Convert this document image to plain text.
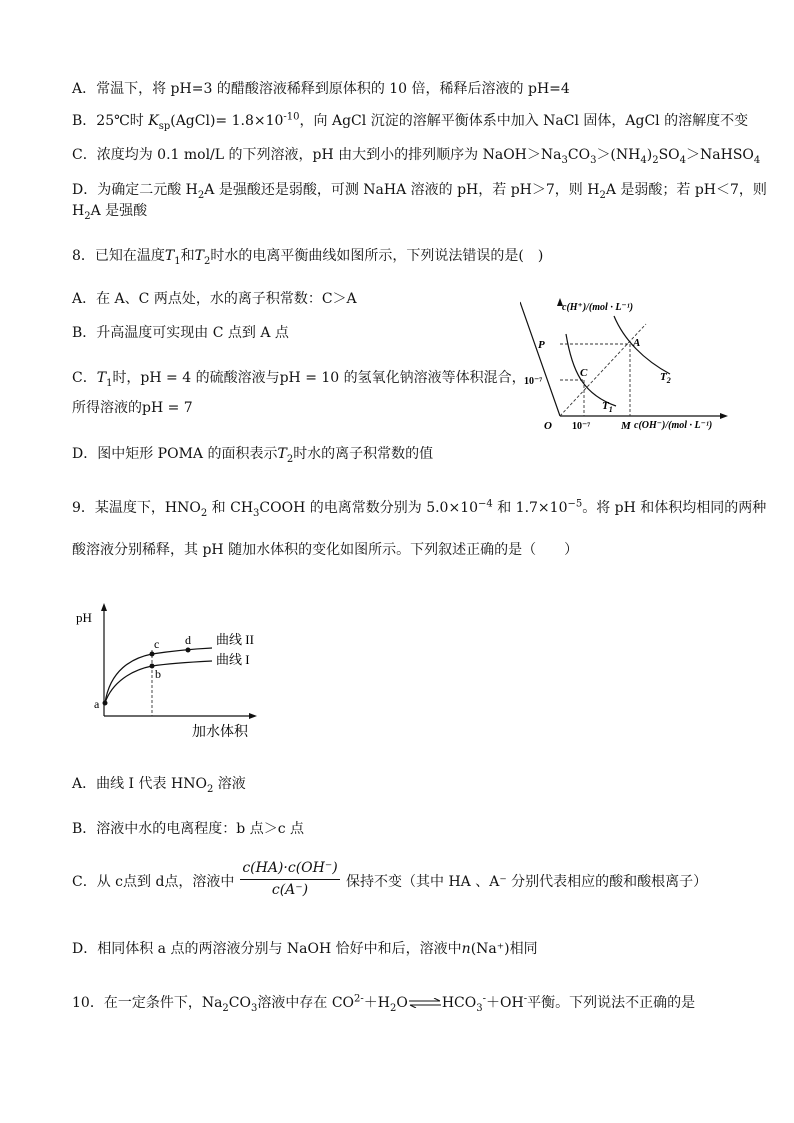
A．常温下，将 pH=3 的醋酸溶液稀释到原体积的 10 倍，稀释后溶液的 pH=4
B．25℃时 $K_{sp}(AgCl)= 1.8\times 10^{-10}$，向 AgCl 沉淀的溶解平衡体系中加入 NaCl 固体，AgCl 的溶解度不变
C．浓度均为 0.1 mol/L 的下列溶液，pH 由大到小的排列顺序为 $NaOH>Na_3CO_3>(NH_4)_2SO_4>NaHSO_4$
D．为确定二元酸 $H_2A$ 是强酸还是弱酸，可测 NaHA 溶液的 pH，若 pH＞7，则 $H_2A$ 是弱酸；若 pH＜7，则
$H_2A$ 是强酸
8．已知在温度$T_1$和$T_2$时水的电离平衡曲线如图所示，下列说法错误的是(　)
A．在 A、C 两点处，水的离子积常数：C＞A
B．升高温度可实现由 C 点到 A 点
C．$T_1$时，pH = 4 的硫酸溶液与pH = 10 的氢氧化钠溶液等体积混合，
所得溶液的pH = 7
D．图中矩形 POMA 的面积表示$T_2$时水的离子积常数的值
c(H⁺)/(mol · L⁻¹)
c(OH⁻)/(mol · L⁻¹)
P
O	M
A
C
10⁻⁷
10⁻⁷
$T_1$
$T_2$
9．某温度下，$HNO_2$ 和 $CH_3COOH$ 的电离常数分别为 $5.0\times 10^{-4}$ 和 $1.7\times 10^{-5}$。将 pH 和体积均相同的两种
酸溶液分别稀释，其 pH 随加水体积的变化如图所示。下列叙述正确的是（　　）
pH
加水体积
曲线 II
曲线 I
a
b
c d
A．曲线 I 代表 $HNO_2$ 溶液
B．溶液中水的电离程度：b 点＞c 点
C．从 c点到 d点，溶液中
c(HA)·c(OH⁻)
c(A⁻)	保持不变（其中 HA 、A⁻ 分别代表相应的酸和酸根离子）
D．相同体积 a 点的两溶液分别与 NaOH 恰好中和后，溶液中n(Na⁺)相同
10．在一定条件下，$Na_2CO_3$溶液中存在 $CO^{2-}+H_2O\rightleftharpoons HCO_3^-+OH^-$平衡。下列说法不正确的是
